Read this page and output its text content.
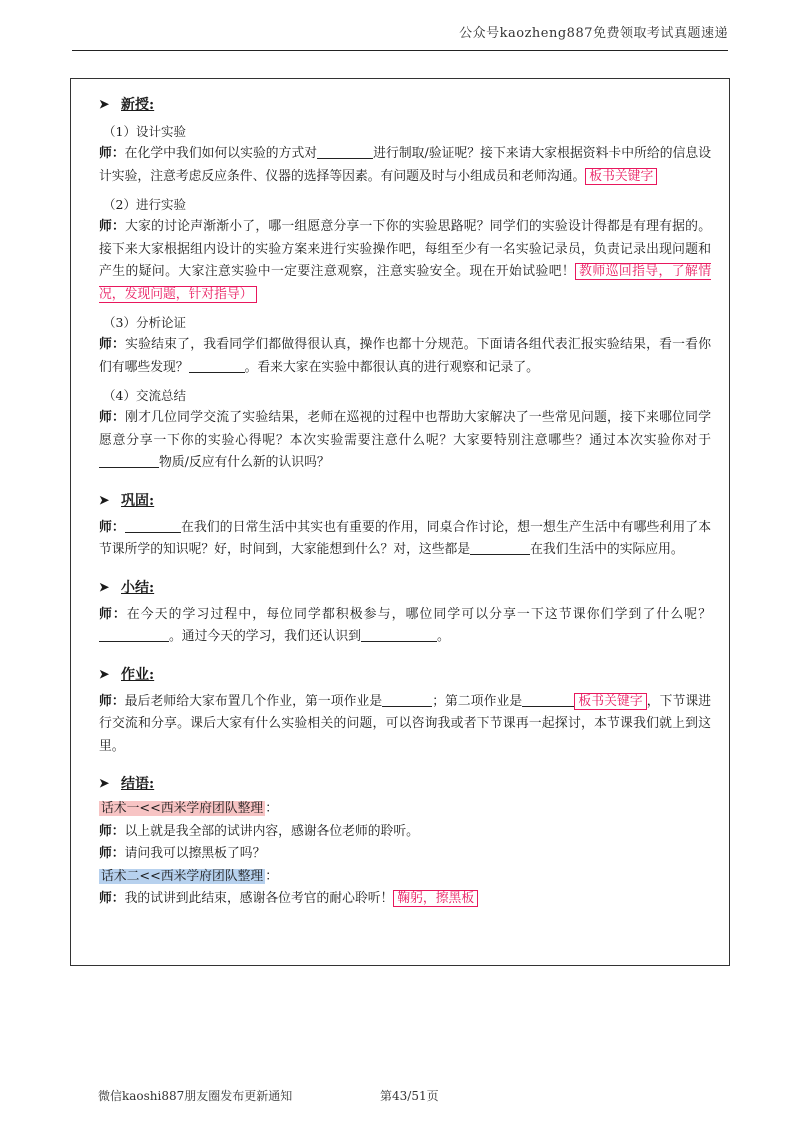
公众号kaozheng887免费领取考试真题速递
➤ 新授:
（1）设计实验

师：在化学中我们如何以实验的方式对	进行制取/验证呢？接下来请大家根据资料卡中所给的信息设计实验，注意考虑反应条件、仪器的选择等因素。有问题及时与小组成员和老师沟通。 板书关键字

（2）进行实验

师：大家的讨论声渐渐小了，哪一组愿意分享一下你的实验思路呢？同学们的实验设计得都是有理有据的。接下来大家根据组内设计的实验方案来进行实验操作吧，每组至少有一名实验记录员，负责记录出现问题和产生的疑问。大家注意实验中一定要注意观察，注意实验安全。现在开始试验吧！ 教师巡回指导，了解情况，发现问题，针对指导）

（3）分析论证

师：实验结束了，我看同学们都做得很认真，操作也都十分规范。下面请各组代表汇报实验结果，看一看你们有哪些发现？	。看来大家在实验中都很认真的进行观察和记录了。

（4）交流总结

师：刚才几位同学交流了实验结果，老师在巡视的过程中也帮助大家解决了一些常见问题，接下来哪位同学愿意分享一下你的实验心得呢？本次实验需要注意什么呢？大家要特别注意哪些？通过本次实验你对于物质/反应有什么新的认识吗？

➤ 巩固:

师：	在我们的日常生活中其实也有重要的作用，同桌合作讨论，想一想生产生活中有哪些利用了本节课所学的知识呢？好，时间到，大家能想到什么？对，这些都是	在我们生活中的实际应用。

➤ 小结:

师：在今天的学习过程中，每位同学都积极参与，哪位同学可以分享一下这节课你们学到了什么呢？。通过今天的学习，我们还认识到	。

➤ 作业:

师：最后老师给大家布置几个作业，第一项作业是	；第二项作业是	板书关键字 ，下节课进行交流和分享。课后大家有什么实验相关的问题，可以咨询我或者下节课再一起探讨，本节课我们就上到这里。

➤ 结语:

话术一<<西米学府团队整理 ：

师：以上就是我全部的试讲内容，感谢各位老师的聆听。

师：请问我可以擦黑板了吗？

话术二<<西米学府团队整理 ：

师：我的试讲到此结束，感谢各位考官的耐心聆听！ 鞠躬，擦黑板

微信kaoshi887朋友圈发布更新通知	第43/51页
